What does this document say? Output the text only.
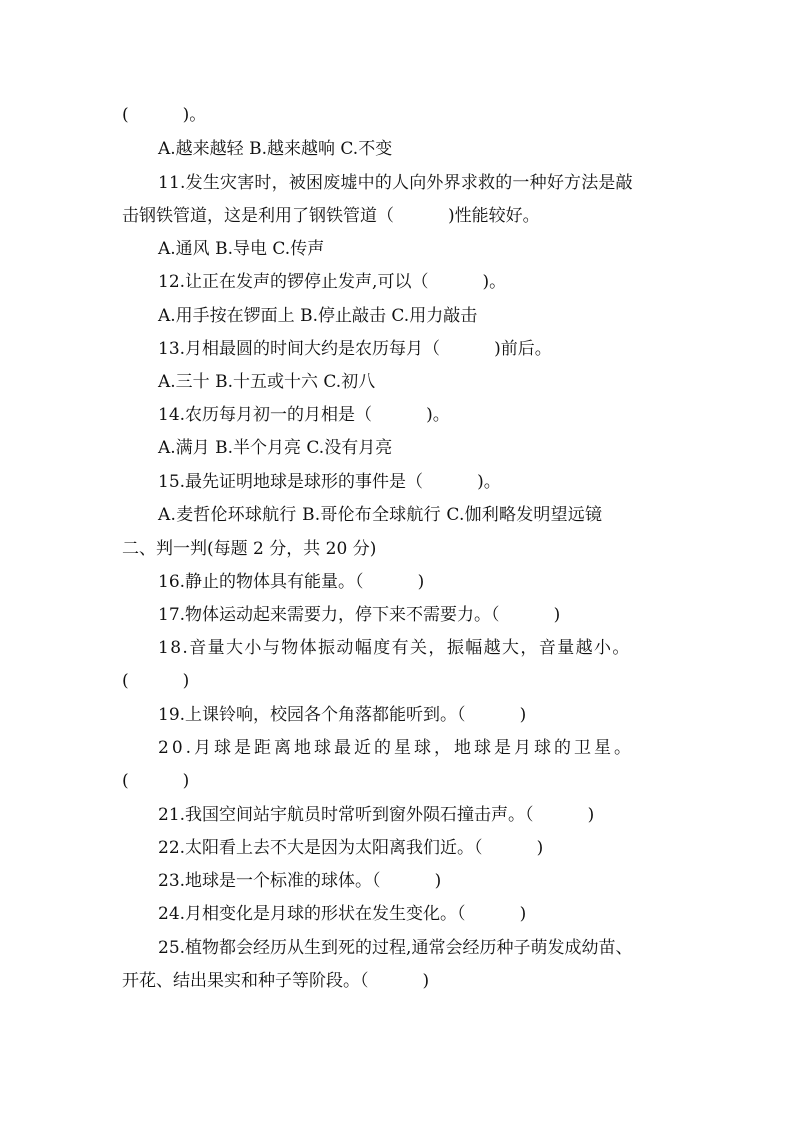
(          )。
A.越来越轻 B.越来越响 C.不变
11.发生灾害时，被困废墟中的人向外界求救的一种好方法是敲
击钢铁管道，这是利用了钢铁管道（          )性能较好。
A.通风 B.导电 C.传声
12.让正在发声的锣停止发声,可以（          )。
A.用手按在锣面上 B.停止敲击 C.用力敲击
13.月相最圆的时间大约是农历每月（          )前后。
A.三十 B.十五或十六 C.初八
14.农历每月初一的月相是（          )。
A.满月 B.半个月亮 C.没有月亮
15.最先证明地球是球形的事件是（          )。
A.麦哲伦环球航行 B.哥伦布全球航行 C.伽利略发明望远镜
二、判一判(每题 2 分，共 20 分)
16.静止的物体具有能量。（          )
17.物体运动起来需要力，停下来不需要力。（          )
18.音量大小与物体振动幅度有关，振幅越大，音量越小。
(          )
19.上课铃响，校园各个角落都能听到。（          )
20.月球是距离地球最近的星球，地球是月球的卫星。
(          )
21.我国空间站宇航员时常听到窗外陨石撞击声。（          )
22.太阳看上去不大是因为太阳离我们近。（          )
23.地球是一个标准的球体。（          )
24.月相变化是月球的形状在发生变化。（          )
25.植物都会经历从生到死的过程,通常会经历种子萌发成幼苗、
开花、结出果实和种子等阶段。（          )
